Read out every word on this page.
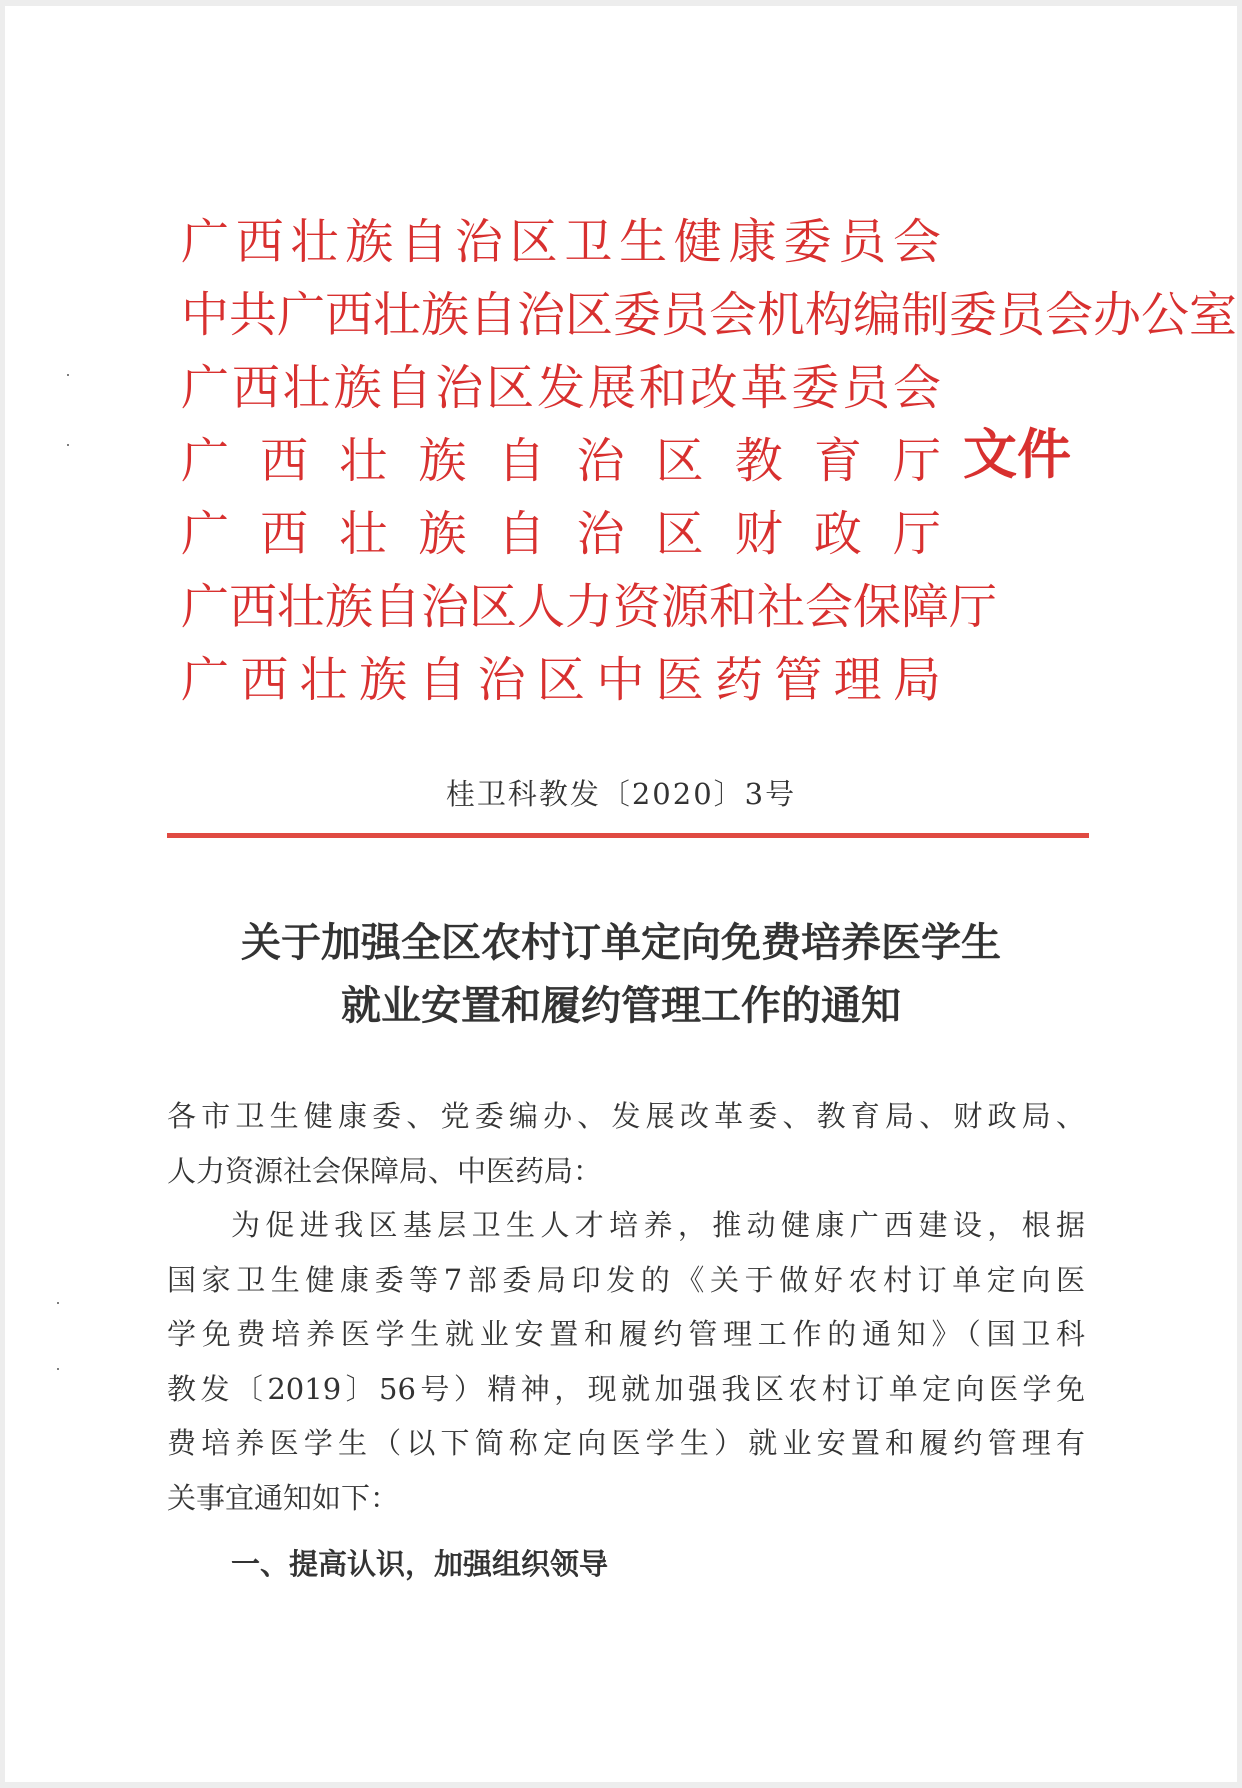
广西壮族自治区卫生健康委员会
中共广西壮族自治区委员会机构编制委员会办公室
广西壮族自治区发展和改革委员会
广西壮族自治区教育厅
广西壮族自治区财政厅
广西壮族自治区人力资源和社会保障厅
广西壮族自治区中医药管理局
文件
桂卫科教发〔2020〕3号
关于加强全区农村订单定向免费培养医学生
就业安置和履约管理工作的通知
各市卫生健康委、党委编办、发展改革委、教育局、财政局、
人力资源社会保障局、中医药局：
为促进我区基层卫生人才培养，推动健康广西建设，根据
国家卫生健康委等7部委局印发的《关于做好农村订单定向医
学免费培养医学生就业安置和履约管理工作的通知》（国卫科
教发〔2019〕56号）精神，现就加强我区农村订单定向医学免
费培养医学生（以下简称定向医学生）就业安置和履约管理有
关事宜通知如下：
一、提高认识，加强组织领导
